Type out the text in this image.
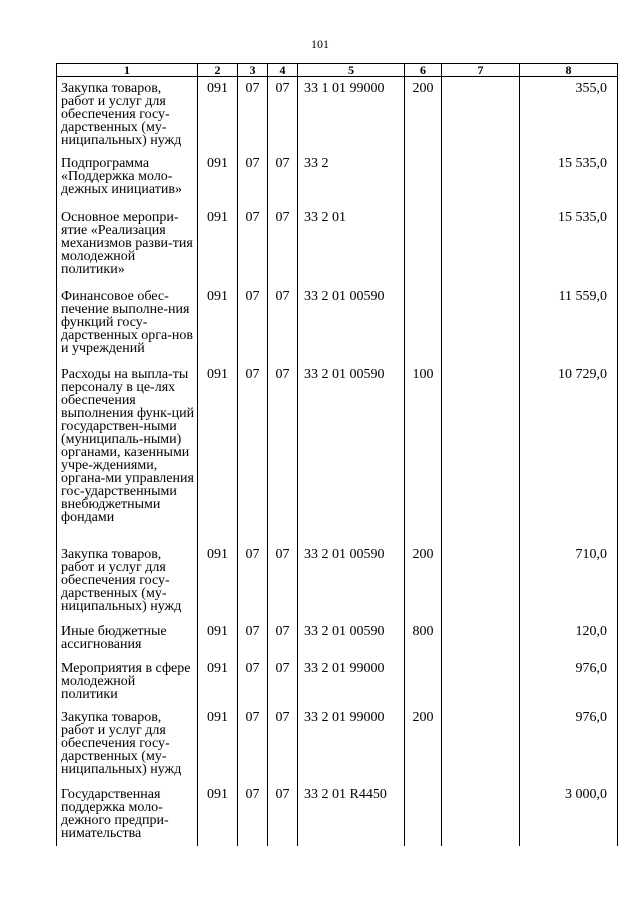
101
1	2	3	4	5	6	7	8
Закупка товаров, работ и услуг для обеспечения госу-дарственных (му-ниципальных) нужд	091	07	07	33 1 01 99000	200		355,0
Подпрограмма «Поддержка моло-дежных инициатив»	091	07	07	33 2			15 535,0
Основное меропри-ятие «Реализация механизмов разви-тия молодежной политики»	091	07	07	33 2 01			15 535,0
Финансовое обес-печение выполне-ния функций госу-дарственных орга-нов и учреждений	091	07	07	33 2 01 00590			11 559,0
Расходы на выпла-ты персоналу в це-лях обеспечения выполнения функ-ций государствен-ными (муниципаль-ными) органами, казенными учре-ждениями, органа-ми управления гос-ударственными внебюджетными фондами	091	07	07	33 2 01 00590	100		10 729,0
Закупка товаров, работ и услуг для обеспечения госу-дарственных (му-ниципальных) нужд	091	07	07	33 2 01 00590	200		710,0
Иные бюджетные ассигнования	091	07	07	33 2 01 00590	800		120,0
Мероприятия в сфере молодежной политики	091	07	07	33 2 01 99000			976,0
Закупка товаров, работ и услуг для обеспечения госу-дарственных (му-ниципальных) нужд	091	07	07	33 2 01 99000	200		976,0
Государственная поддержка моло-дежного предпри-нимательства	091	07	07	33 2 01 R4450			3 000,0
